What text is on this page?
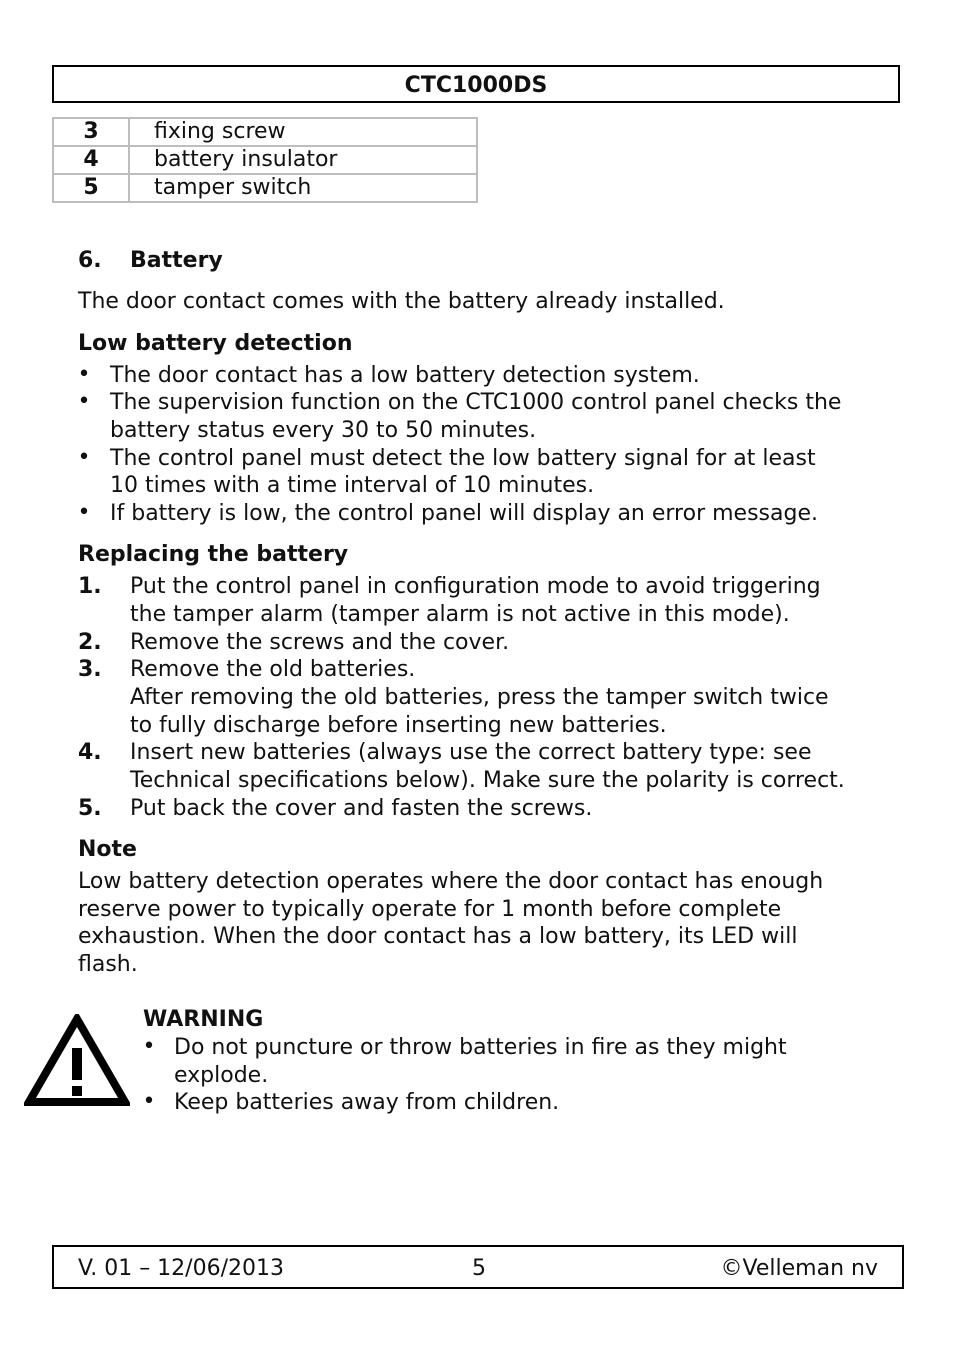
CTC1000DS
3	fixing screw
4	battery insulator
5	tamper switch
6. Battery
The door contact comes with the battery already installed.
Low battery detection
• The door contact has a low battery detection system.
• The supervision function on the CTC1000 control panel checks the
battery status every 30 to 50 minutes.
• The control panel must detect the low battery signal for at least
10 times with a time interval of 10 minutes.
• If battery is low, the control panel will display an error message.
Replacing the battery
1. Put the control panel in configuration mode to avoid triggering
the tamper alarm (tamper alarm is not active in this mode).
2. Remove the screws and the cover.
3. Remove the old batteries.
After removing the old batteries, press the tamper switch twice
to fully discharge before inserting new batteries.
4. Insert new batteries (always use the correct battery type: see
Technical specifications below). Make sure the polarity is correct.
5. Put back the cover and fasten the screws.
Note
Low battery detection operates where the door contact has enough
reserve power to typically operate for 1 month before complete
exhaustion. When the door contact has a low battery, its LED will
flash.
WARNING
• Do not puncture or throw batteries in fire as they might
explode.
• Keep batteries away from children.
V. 01 – 12/06/2013	5	©Velleman nv
